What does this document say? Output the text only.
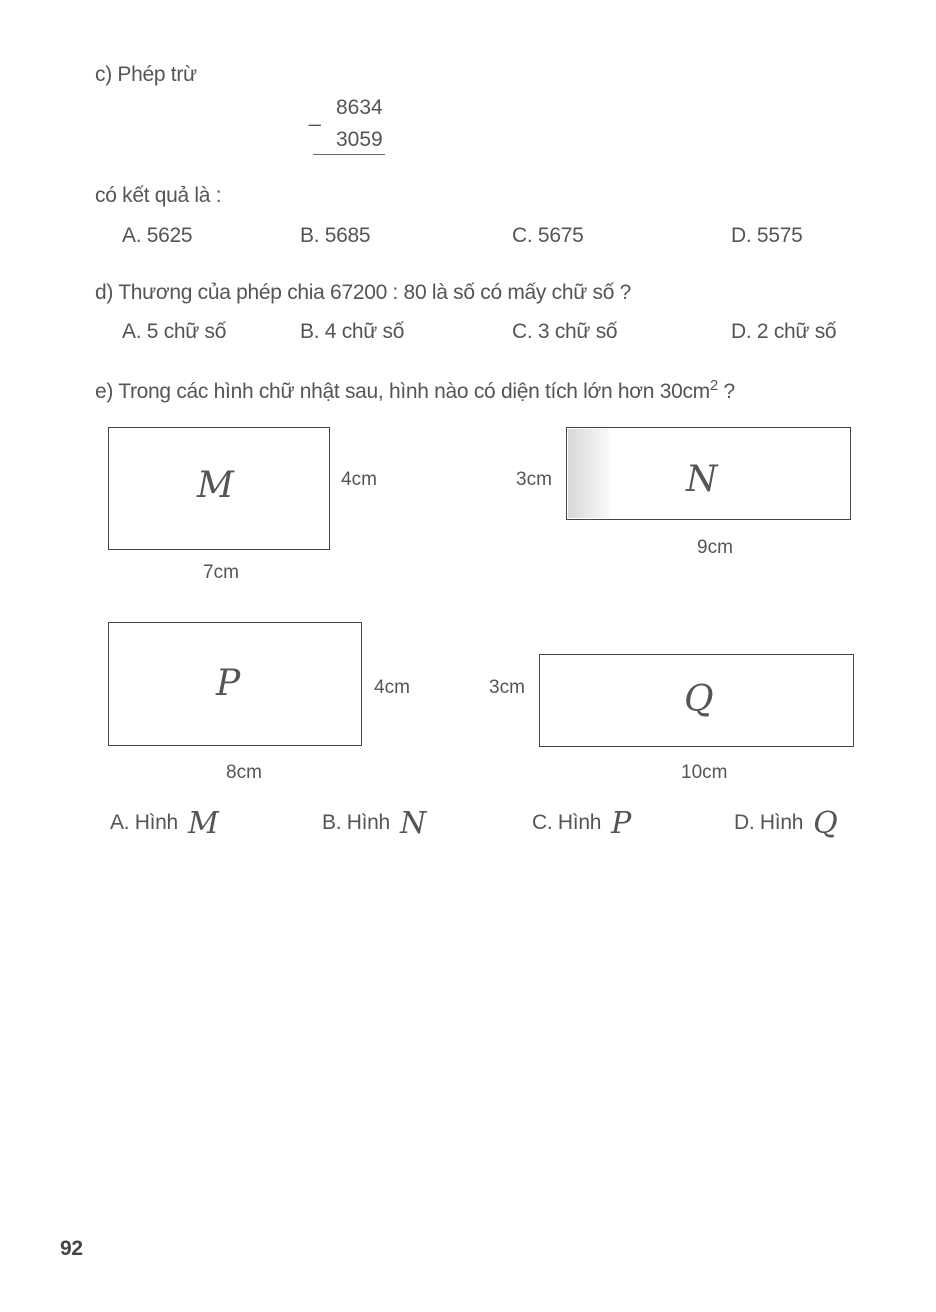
c) Phép trừ
8634
_
3059
có kết quả là :
A. 5625	B. 5685	C. 5675	D. 5575
d) Thương của phép chia 67200 : 80 là số có mấy chữ số ?
A. 5 chữ số	B. 4 chữ số	C. 3 chữ số	D. 2 chữ số
e) Trong các hình chữ nhật sau, hình nào có diện tích lớn hơn $30cm^2$ ?
M	4cm
7cm
N
3cm
9cm
P	4cm
8cm
Q
3cm
10cm
A. Hình M	B. Hình N	C. Hình P	D. Hình Q
92
